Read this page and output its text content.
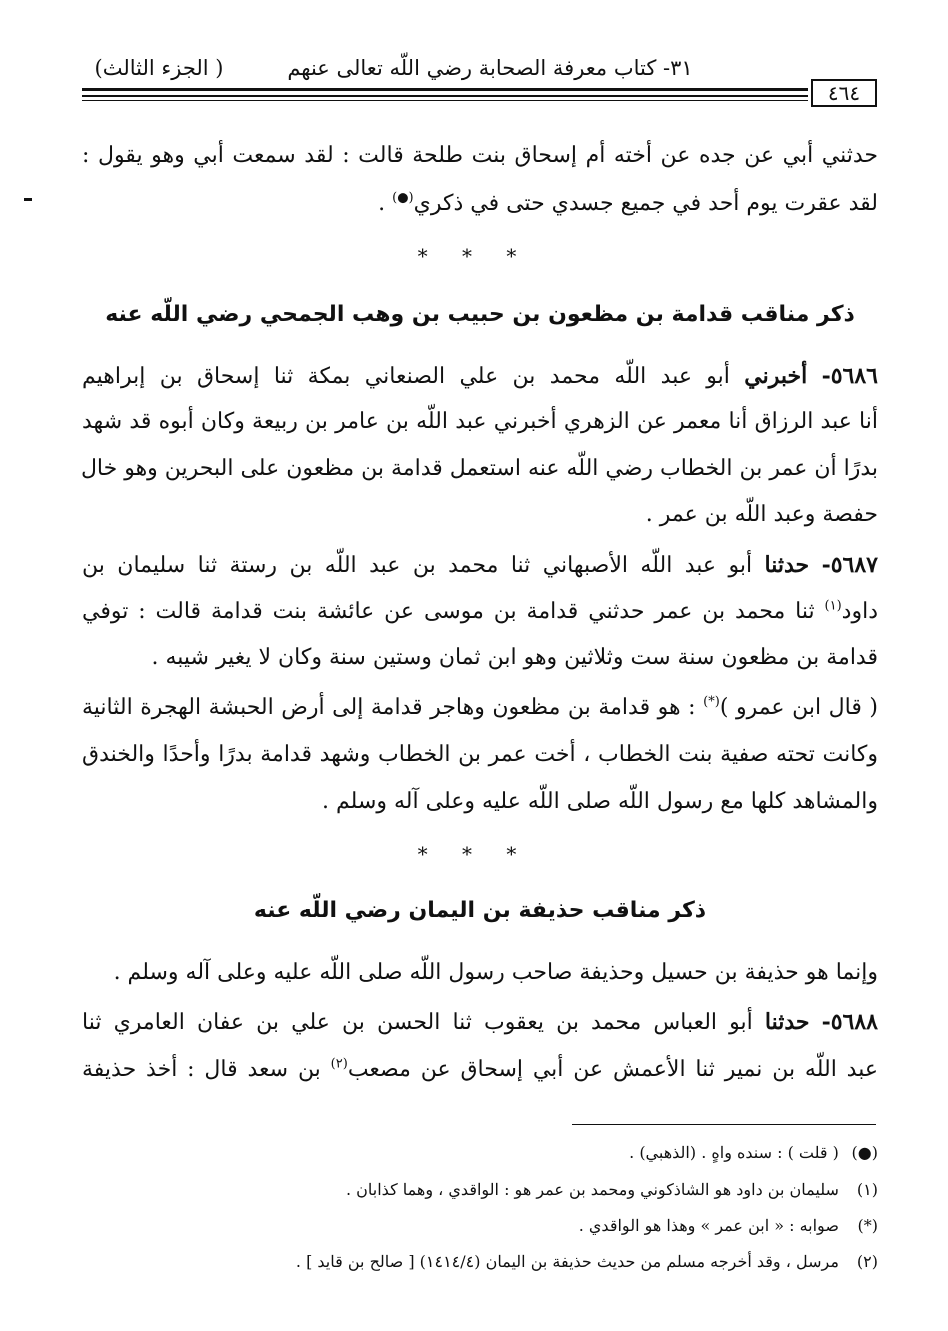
٣١- كتاب معرفة الصحابة رضي اللّه تعالى عنهم
( الجزء الثالث)
٤٦٤
حدثني أبي عن جده عن أخته أم إسحاق بنت طلحة قالت : لقد سمعت أبي وهو يقول :
لقد عقرت يوم أحد في جميع جسدي حتى في ذكري(●) .
* * *
ذكر مناقب قدامة بن مظعون بن حبيب بن وهب الجمحي رضي اللّه عنه
٥٦٨٦- أخبرني أبو عبد اللّه محمد بن علي الصنعاني بمكة ثنا إسحاق بن إبراهيم
أنا عبد الرزاق أنا معمر عن الزهري أخبرني عبد اللّه بن عامر بن ربيعة وكان أبوه قد شهد
بدرًا أن عمر بن الخطاب رضي اللّه عنه استعمل قدامة بن مظعون على البحرين وهو خال
حفصة وعبد اللّه بن عمر .
٥٦٨٧- حدثنا أبو عبد اللّه الأصبهاني ثنا محمد بن عبد اللّه بن رستة ثنا سليمان بن
داود$^{(١)}$ ثنا محمد بن عمر حدثني قدامة بن موسى عن عائشة بنت قدامة قالت : توفي
قدامة بن مظعون سنة ست وثلاثين وهو ابن ثمان وستين سنة وكان لا يغير شيبه .
( قال ابن عمرو )(*) : هو قدامة بن مظعون وهاجر قدامة إلى أرض الحبشة الهجرة الثانية
وكانت تحته صفية بنت الخطاب ، أخت عمر بن الخطاب وشهد قدامة بدرًا وأحدًا والخندق
والمشاهد كلها مع رسول اللّه صلى اللّه عليه وعلى آله وسلم .
* * *
ذكر مناقب حذيفة بن اليمان رضي اللّه عنه
وإنما هو حذيفة بن حسيل وحذيفة صاحب رسول اللّه صلى اللّه عليه وعلى آله وسلم .
٥٦٨٨- حدثنا أبو العباس محمد بن يعقوب ثنا الحسن بن علي بن عفان العامري ثنا
عبد اللّه بن نمير ثنا الأعمش عن أبي إسحاق عن مصعب$^{(٢)}$ بن سعد قال : أخذ حذيفة
(●) ( قلت ) : سنده واهٍ . (الذهبي) .
(١) سليمان بن داود هو الشاذكوني ومحمد بن عمر هو : الواقدي ، وهما كذابان .
(*) صوابه : « ابن عمر » وهذا هو الواقدي .
(٢) مرسل ، وقد أخرجه مسلم من حديث حذيفة بن اليمان (١٤١٤/٤) [ صالح بن قايد ] .
